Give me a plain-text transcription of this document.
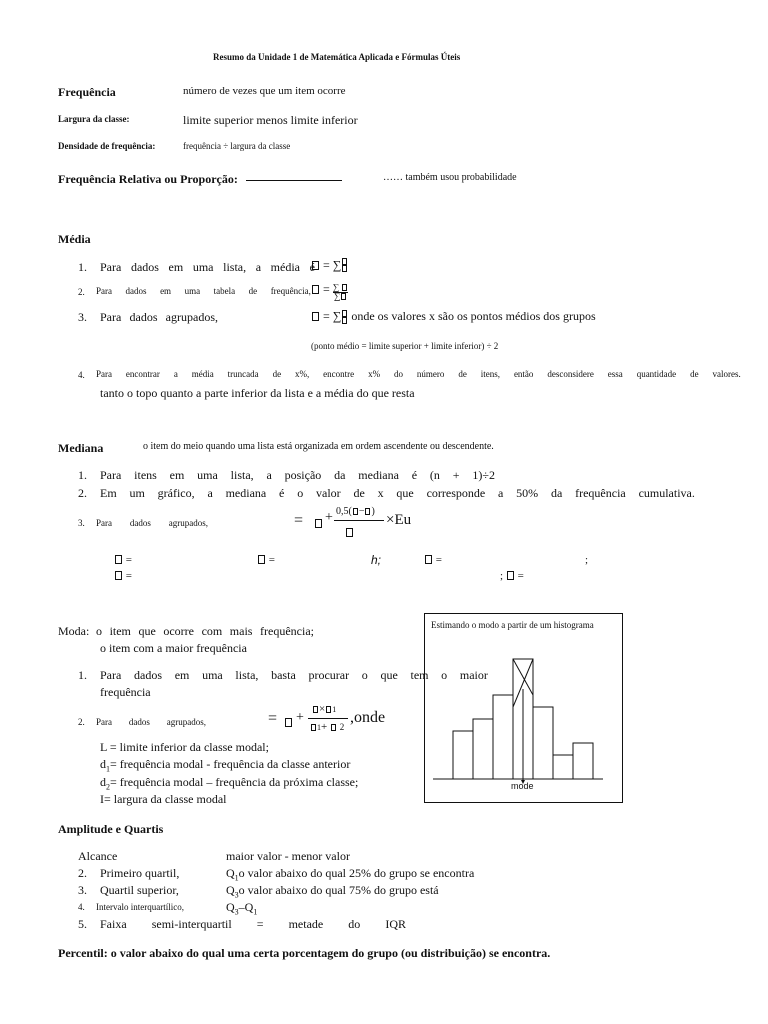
Resumo da Unidade 1 de Matemática Aplicada e Fórmulas Úteis
Frequência	número de vezes que um item ocorre
Largura da classe:	limite superior menos limite inferior
Densidade de frequência:	frequência ÷ largura da classe
Frequência Relativa ou Proporção:	…… também usou probabilidade
Média
1. Para dados em uma lista, a média é = ∑

2. Para dados em uma tabela de frequência, = ∑
∑
3. Para dados agrupados,	= ∑ onde os valores x são os pontos médios dos grupos
(ponto médio = limite superior + limite inferior) ÷ 2
4. Para encontrar a média truncada de x%, encontre x% do número de itens, então desconsidere essa quantidade de valores.
tanto o topo quanto a parte inferior da lista e a média do que resta
Mediana	o item do meio quando uma lista está organizada em ordem ascendente ou descendente.
1. Para itens em uma lista, a posição da mediana é (n + 1)÷2
2. Em um gráfico, a mediana é o valor de x que corresponde a 50% da frequência cumulativa.
3. Para dados agrupados,	= + 0,5( − )
×Eu
=	=	h;	=	;
=	; =
Moda: o item que ocorre com mais frequência;
o item com a maior frequência
1. Para dados em uma lista, basta procurar o que tem o maior
frequência
2. Para dados agrupados,	= +
× 1
1+  2
,onde
L = limite inferior da classe modal;
$d_1=$ frequência modal - frequência da classe anterior
$d_2=$ frequência modal – frequência da próxima classe;
I= largura da classe modal
Estimando o modo a partir de um histograma
mode
Amplitude e Quartis
Alcance	maior valor - menor valor
2. Primeiro quartil,	$Q_1o$ valor abaixo do qual 25% do grupo se encontra
3. Quartil superior,	$Q_3o$ valor abaixo do qual 75% do grupo está
4. Intervalo interquartílico,	$Q_3-Q_1$
5. Faixa semi-interquartil = metade do IQR
Percentil: o valor abaixo do qual uma certa porcentagem do grupo (ou distribuição) se encontra.
